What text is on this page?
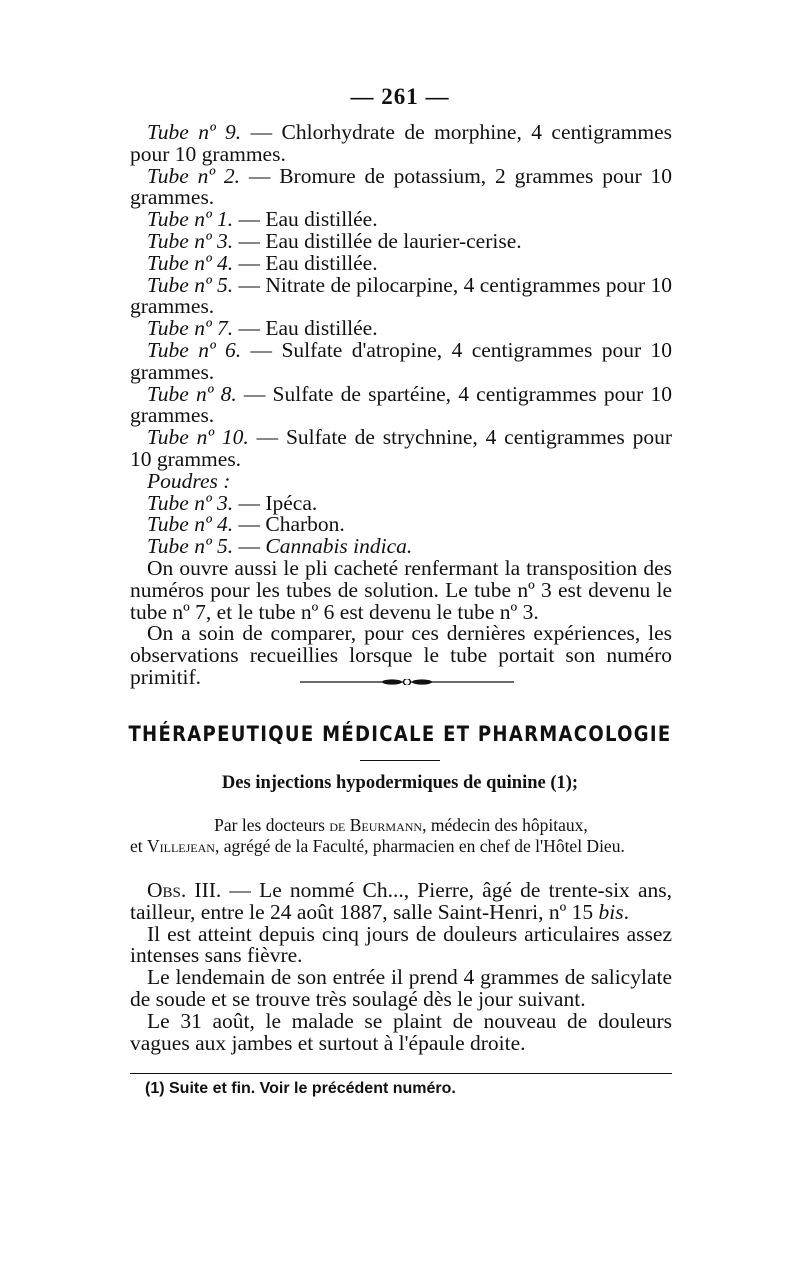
— 261 —

Tube nº 9. — Chlorhydrate de morphine, 4 centigrammes pour 10 grammes.

Tube nº 2. — Bromure de potassium, 2 grammes pour 10 grammes.

Tube nº 1. — Eau distillée.

Tube nº 3. — Eau distillée de laurier-cerise.

Tube nº 4. — Eau distillée.

Tube nº 5. — Nitrate de pilocarpine, 4 centigrammes pour 10 grammes.

Tube nº 7. — Eau distillée.

Tube nº 6. — Sulfate d'atropine, 4 centigrammes pour 10 grammes.

Tube nº 8. — Sulfate de spartéine, 4 centigrammes pour 10 grammes.

Tube nº 10. — Sulfate de strychnine, 4 centigrammes pour 10 grammes.

Poudres :

Tube nº 3. — Ipéca.

Tube nº 4. — Charbon.

Tube nº 5. — Cannabis indica.

On ouvre aussi le pli cacheté renfermant la transposition des numéros pour les tubes de solution. Le tube nº 3 est devenu le tube nº 7, et le tube nº 6 est devenu le tube nº 3.

On a soin de comparer, pour ces dernières expériences, les observations recueillies lorsque le tube portait son numéro primitif.

THÉRAPEUTIQUE MÉDICALE ET PHARMACOLOGIE
Des injections hypodermiques de quinine (1);

Par les docteurs de Beurmann, médecin des hôpitaux,

et Villejean, agrégé de la Faculté, pharmacien en chef de l'Hôtel Dieu.

Obs. III. — Le nommé Ch..., Pierre, âgé de trente-six ans, tailleur, entre le 24 août 1887, salle Saint-Henri, nº 15 bis.

Il est atteint depuis cinq jours de douleurs articulaires assez intenses sans fièvre.

Le lendemain de son entrée il prend 4 grammes de salicylate de soude et se trouve très soulagé dès le jour suivant.

Le 31 août, le malade se plaint de nouveau de douleurs vagues aux jambes et surtout à l'épaule droite.

(1) Suite et fin. Voir le précédent numéro.
